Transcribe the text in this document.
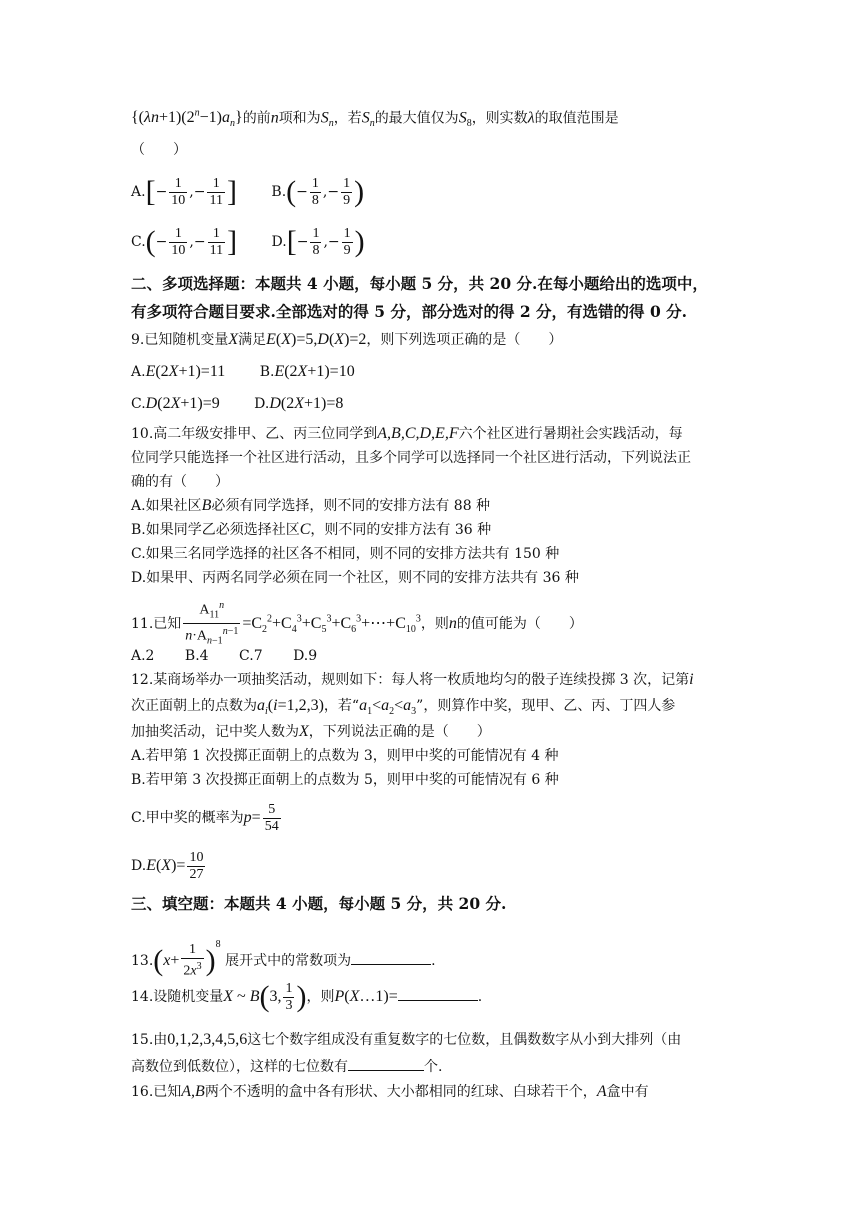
$\{(\lambda n+1)(2^n-1)a_n\}$的前n项和为$S_n$，若$S_n$的最大值仅为$S_8$，则实数λ的取值范围是
（　　）
$A.[- \frac{1}{10}$ ,− $\frac{1}{11}$ ] $B.(- \frac{1}{8}$ ,− $\frac{1}{9}$ )
$C.(- \frac{1}{10}$ ,− $\frac{1}{11}$ ] $D.[- \frac{1}{8}$ ,− $\frac{1}{9}$ )
二、多项选择题：本题共 4 小题，每小题 5 分，共 20 分.在每小题给出的选项中，
有多项符合题目要求.全部选对的得 5 分，部分选对的得 2 分，有选错的得 0 分.
9.已知随机变量X满足E(X)=5,D(X)=2，则下列选项正确的是（　　）
A.E(2X+1)=11 B.E(2X+1)=10
C.D(2X+1)=9 D.D(2X+1)=8
10.高二年级安排甲、乙、丙三位同学到A,B,C,D,E,F六个社区进行暑期社会实践活动，每
位同学只能选择一个社区进行活动，且多个同学可以选择同一个社区进行活动，下列说法正
确的有（　　）
A.如果社区B必须有同学选择，则不同的安排方法有 88 种
B.如果同学乙必须选择社区C，则不同的安排方法有 36 种
C.如果三名同学选择的社区各不相同，则不同的安排方法共有 150 种
D.如果甲、丙两名同学必须在同一个社区，则不同的安排方法共有 36 种
11.已知 $\frac{A_{11}^n}{n\cdot A_{n-1}^{n-1}}$ $=C_2^2+C_4^3+C_5^3+C_6^3+\cdots+C_{10}^3$，则n的值可能为（　　）
A.2 B.4 C.7 D.9
12.某商场举办一项抽奖活动，规则如下：每人将一枚质地均匀的骰子连续投掷 3 次，记第i
次正面朝上的点数为$a_i(i=1,2,3)$，若“$a_1<a_2<a_3$”，则算作中奖，现甲、乙、丙、丁四人参
加抽奖活动，记中奖人数为X，下列说法正确的是（　　）
A.若甲第 1 次投掷正面朝上的点数为 3，则甲中奖的可能情况有 4 种
B.若甲第 3 次投掷正面朝上的点数为 5，则甲中奖的可能情况有 6 种
C.甲中奖的概率为$p= \frac{5}{54}$
$D.E(X)= \frac{10}{27}$
三、填空题：本题共 4 小题，每小题 5 分，共 20 分.
$13.(x+ \frac{1}{2x^3} )^8$ 展开式中的常数项为	.
14.设随机变量X ~ B(3, $\frac{1}{3}$ )，则P(X…1)=	.
15.由0,1,2,3,4,5,6这七个数字组成没有重复数字的七位数，且偶数数字从小到大排列（由
高数位到低数位），这样的七位数有	个.
16.已知A,B两个不透明的盒中各有形状、大小都相同的红球、白球若干个，A盒中有
